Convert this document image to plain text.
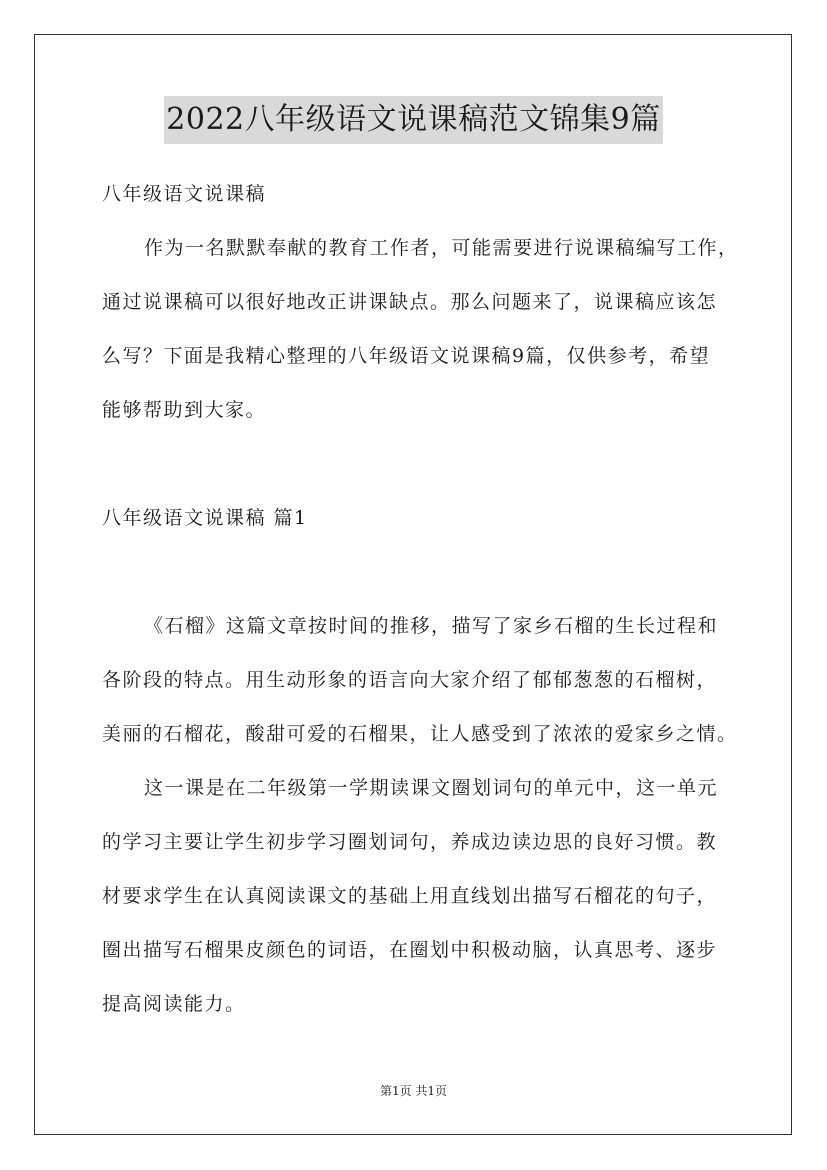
2022八年级语文说课稿范文锦集9篇
八年级语文说课稿
作为一名默默奉献的教育工作者，可能需要进行说课稿编写工作，
通过说课稿可以很好地改正讲课缺点。那么问题来了，说课稿应该怎
么写？下面是我精心整理的八年级语文说课稿9篇，仅供参考，希望
能够帮助到大家。
八年级语文说课稿 篇1
《石榴》这篇文章按时间的推移，描写了家乡石榴的生长过程和
各阶段的特点。用生动形象的语言向大家介绍了郁郁葱葱的石榴树，
美丽的石榴花，酸甜可爱的石榴果，让人感受到了浓浓的爱家乡之情。
这一课是在二年级第一学期读课文圈划词句的单元中，这一单元
的学习主要让学生初步学习圈划词句，养成边读边思的良好习惯。教
材要求学生在认真阅读课文的基础上用直线划出描写石榴花的句子，
圈出描写石榴果皮颜色的词语，在圈划中积极动脑，认真思考、逐步
提高阅读能力。
第1页 共1页
